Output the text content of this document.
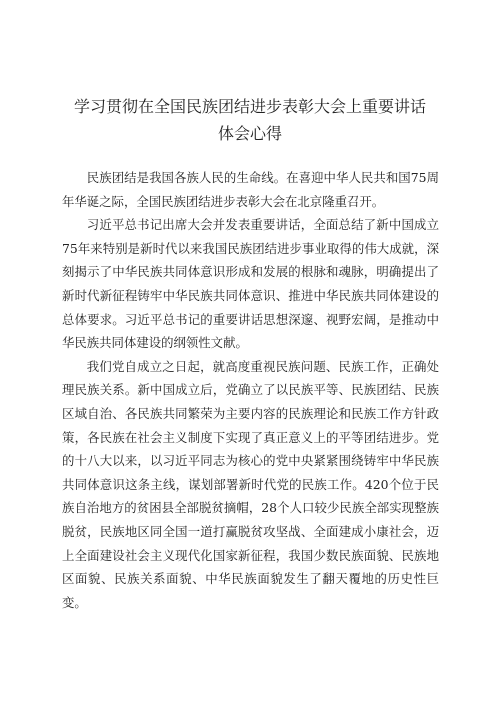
学习贯彻在全国民族团结进步表彰大会上重要讲话体会心得

民族团结是我国各族人民的生命线。在喜迎中华人民共和国75周年华诞之际，全国民族团结进步表彰大会在北京隆重召开。

习近平总书记出席大会并发表重要讲话，全面总结了新中国成立75年来特别是新时代以来我国民族团结进步事业取得的伟大成就，深刻揭示了中华民族共同体意识形成和发展的根脉和魂脉，明确提出了新时代新征程铸牢中华民族共同体意识、推进中华民族共同体建设的总体要求。习近平总书记的重要讲话思想深邃、视野宏阔，是推动中华民族共同体建设的纲领性文献。

我们党自成立之日起，就高度重视民族问题、民族工作，正确处理民族关系。新中国成立后，党确立了以民族平等、民族团结、民族区域自治、各民族共同繁荣为主要内容的民族理论和民族工作方针政策，各民族在社会主义制度下实现了真正意义上的平等团结进步。党的十八大以来，以习近平同志为核心的党中央紧紧围绕铸牢中华民族共同体意识这条主线，谋划部署新时代党的民族工作。420个位于民族自治地方的贫困县全部脱贫摘帽，28个人口较少民族全部实现整族脱贫，民族地区同全国一道打赢脱贫攻坚战、全面建成小康社会，迈上全面建设社会主义现代化国家新征程，我国少数民族面貌、民族地区面貌、民族关系面貌、中华民族面貌发生了翻天覆地的历史性巨变。
